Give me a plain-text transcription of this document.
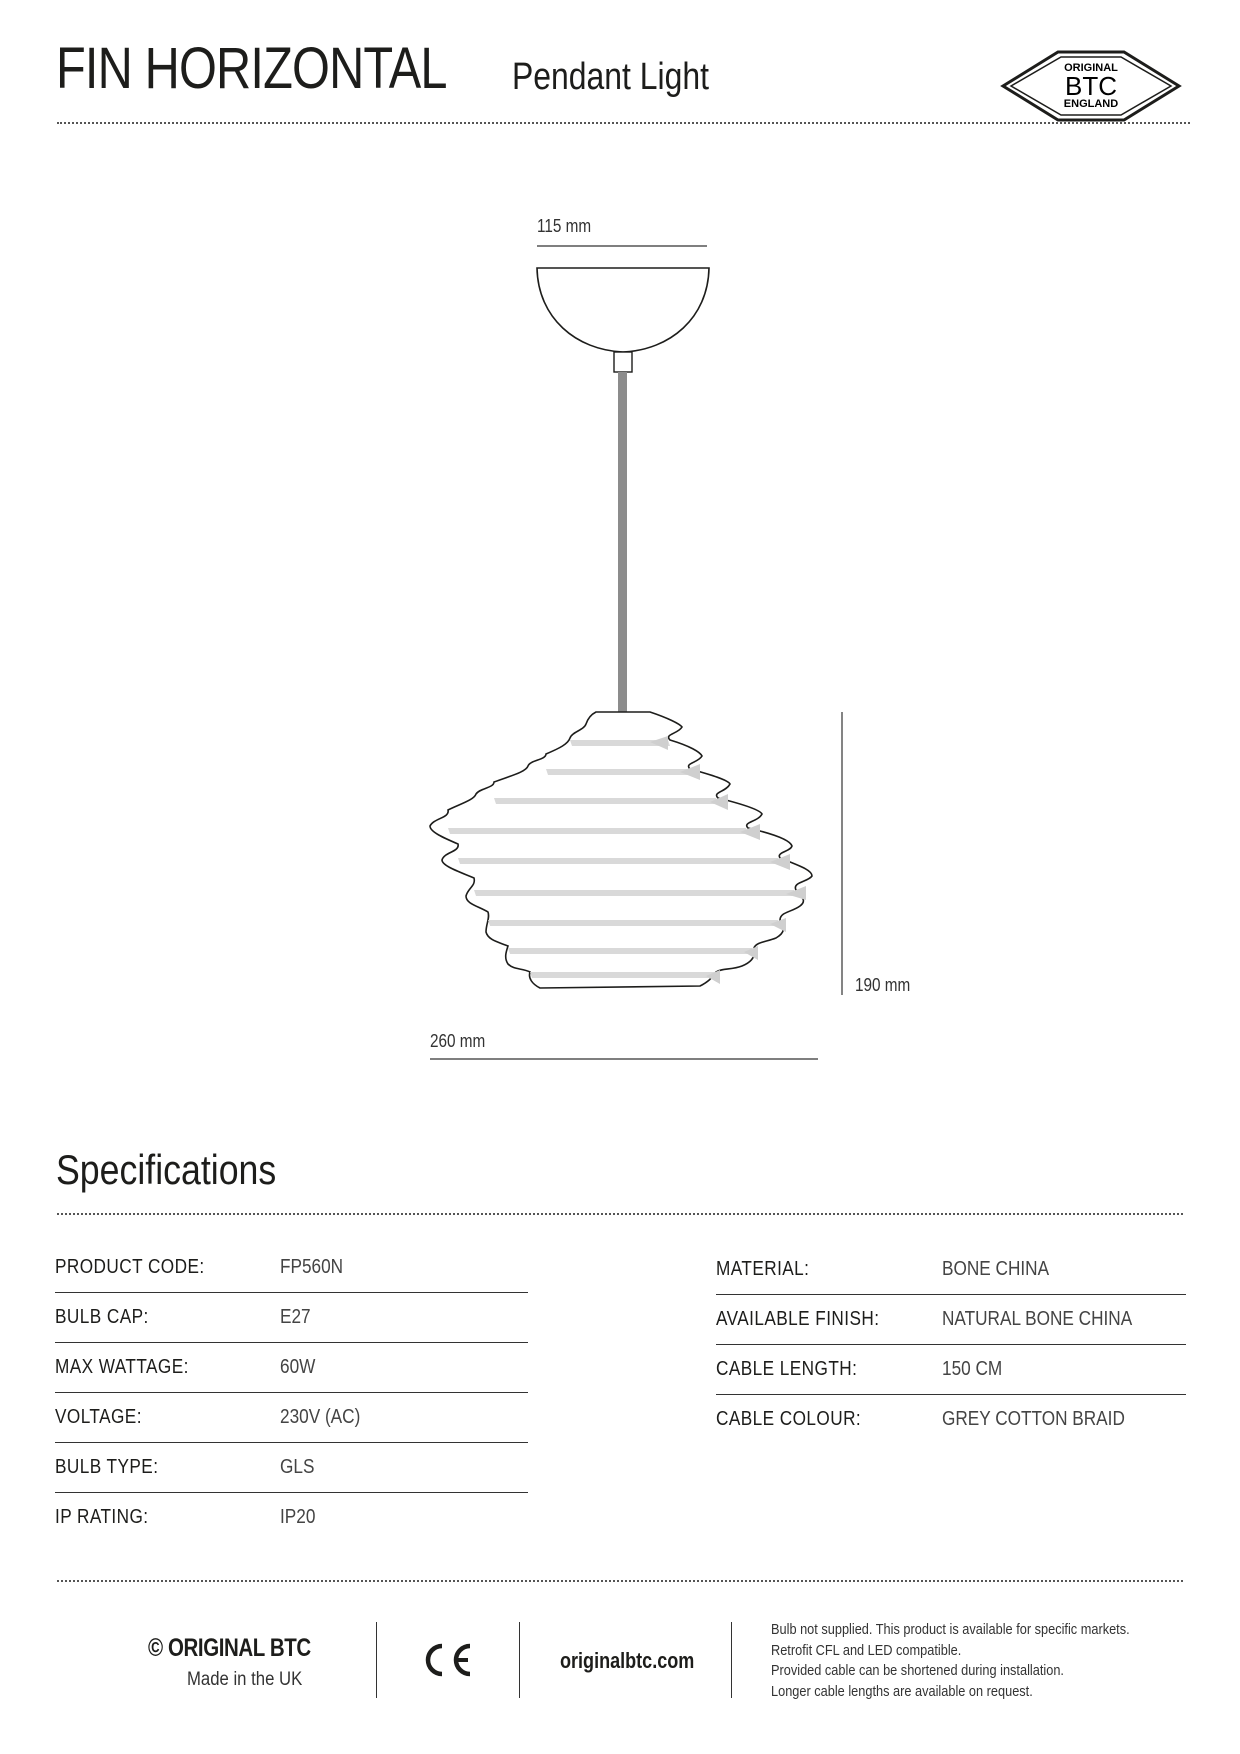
FIN HORIZONTAL Pendant Light	ORIGINAL
BTC
ENGLAND
115 mm
190 mm
260 mm
Specifications
PRODUCT CODE:	FP560N
BULB CAP:	E27
MAX WATTAGE:	60W
VOLTAGE:	230V (AC)
BULB TYPE:	GLS
IP RATING:	IP20
MATERIAL:	BONE CHINA
AVAILABLE FINISH:	NATURAL BONE CHINA
CABLE LENGTH:	150 CM
CABLE COLOUR:	GREY COTTON BRAID
© ORIGINAL BTC
Made in the UK
CE
originalbtc.com
Bulb not supplied. This product is available for specific markets.
Retrofit CFL and LED compatible.
Provided cable can be shortened during installation.
Longer cable lengths are available on request.
